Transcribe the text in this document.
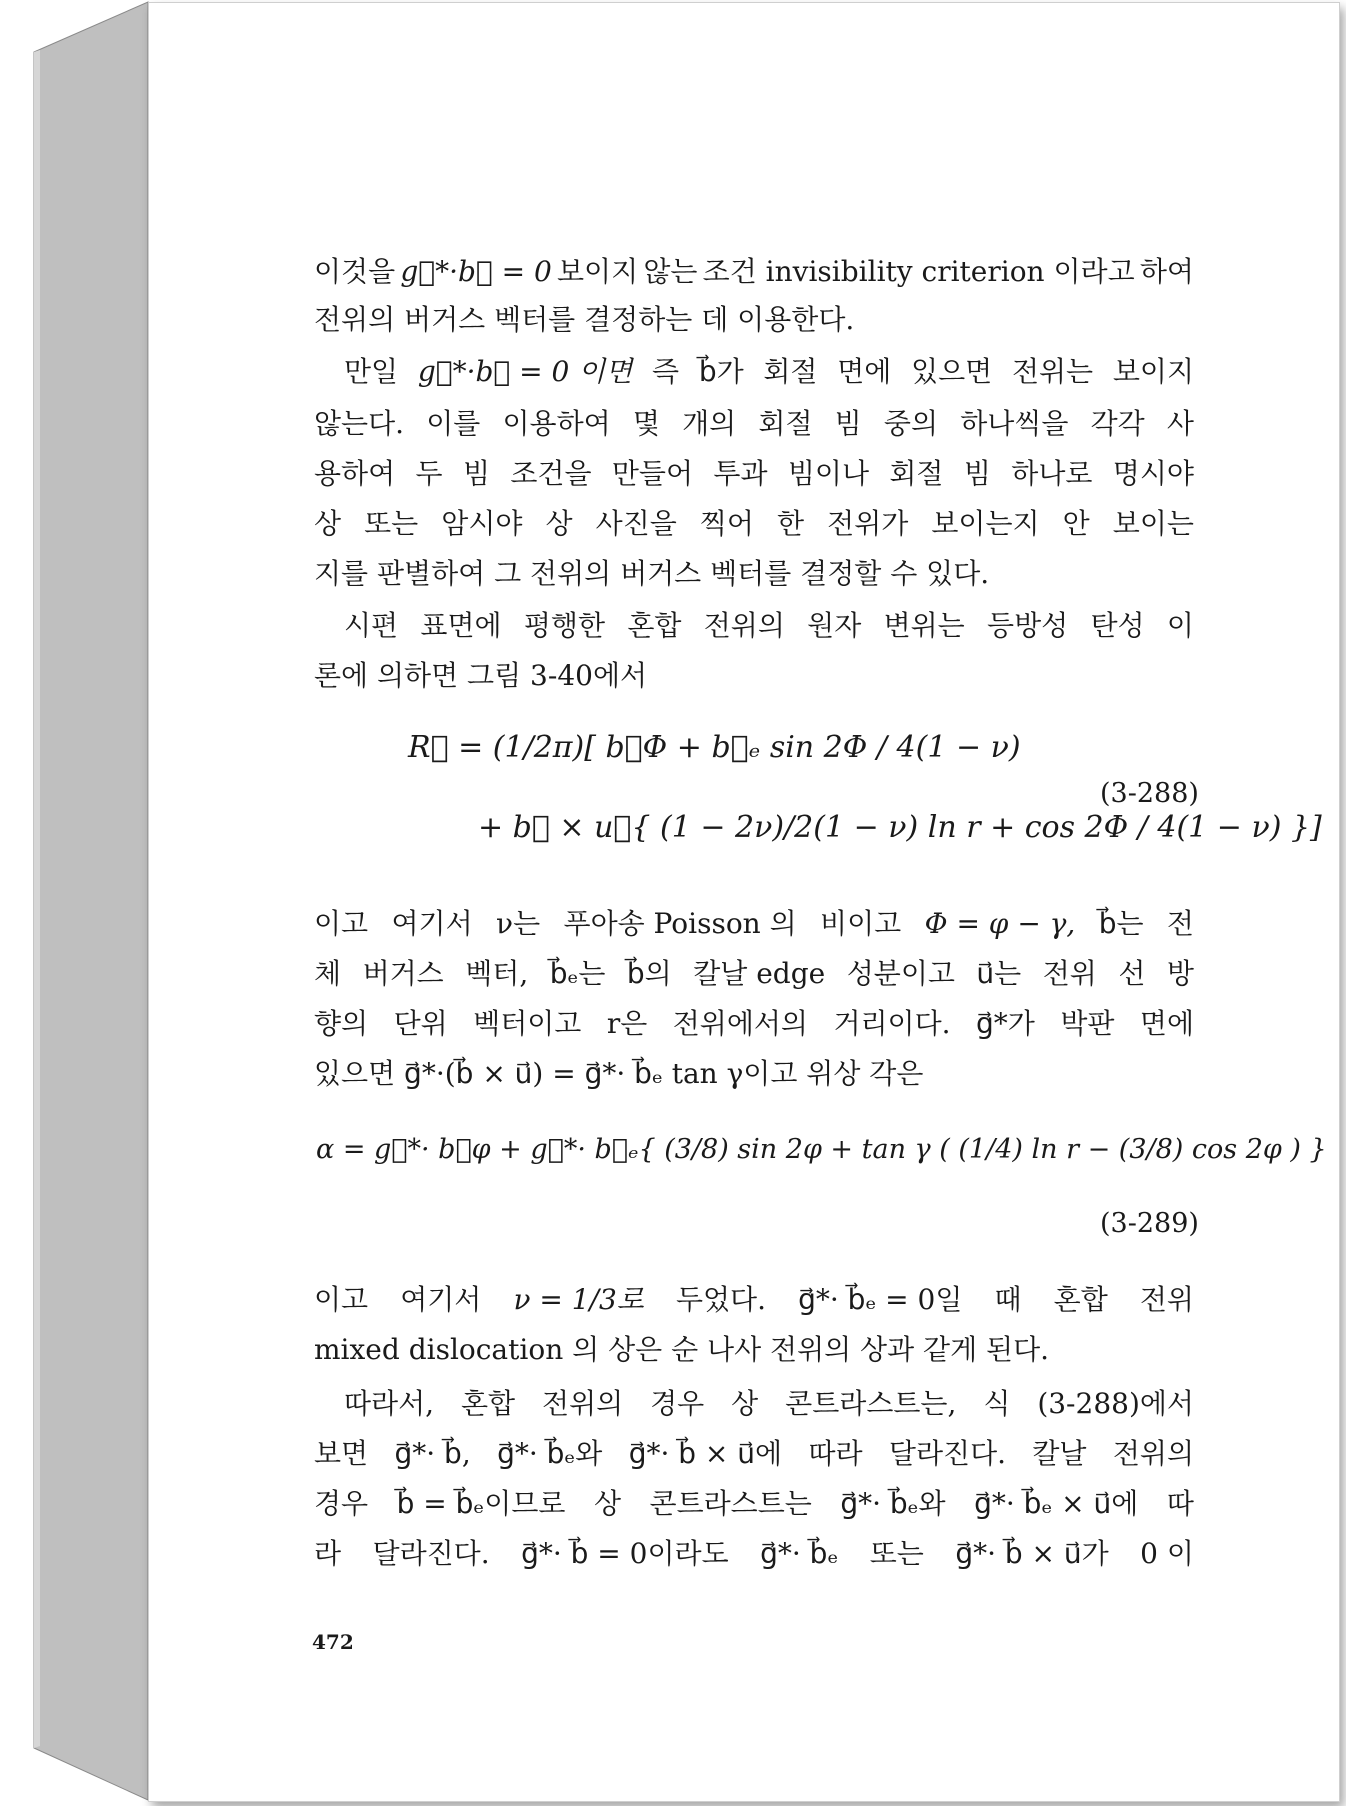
이것을 g⃗*·b⃗ = 0 보이지 않는 조건 invisibility criterion 이라고 하여
전위의 버거스 벡터를 결정하는 데 이용한다.
만일 g⃗*·b⃗ = 0 이면 즉 b⃗가 회절 면에 있으면 전위는 보이지
않는다. 이를 이용하여 몇 개의 회절 빔 중의 하나씩을 각각 사
용하여 두 빔 조건을 만들어 투과 빔이나 회절 빔 하나로 명시야
상 또는 암시야 상 사진을 찍어 한 전위가 보이는지 안 보이는
지를 판별하여 그 전위의 버거스 벡터를 결정할 수 있다.
시편 표면에 평행한 혼합 전위의 원자 변위는 등방성 탄성 이
론에 의하면 그림 3-40에서
R⃗ = (1/2π)[ b⃗Φ + b⃗ₑ sin 2Φ / 4(1 − ν)
+ b⃗ × u⃗{ (1 − 2ν)/2(1 − ν) ln r + cos 2Φ / 4(1 − ν) }]
(3-288)
이고 여기서 ν는 푸아송 Poisson 의 비이고 Φ = φ − γ, b⃗는 전
체 버거스 벡터, b⃗ₑ는 b⃗의 칼날 edge 성분이고 u⃗는 전위 선 방
향의 단위 벡터이고 r은 전위에서의 거리이다. g⃗*가 박판 면에
있으면 g⃗*·(b⃗ × u⃗) = g⃗*· b⃗ₑ tan γ이고 위상 각은
α = g⃗*· b⃗φ + g⃗*· b⃗ₑ{ (3/8) sin 2φ + tan γ ( (1/4) ln r − (3/8) cos 2φ ) }
(3-289)
이고 여기서 ν = 1/3로 두었다. g⃗*· b⃗ₑ = 0일 때 혼합 전위
mixed dislocation 의 상은 순 나사 전위의 상과 같게 된다.
따라서, 혼합 전위의 경우 상 콘트라스트는, 식 (3-288)에서
보면 g⃗*· b⃗, g⃗*· b⃗ₑ와 g⃗*· b⃗ × u⃗에 따라 달라진다. 칼날 전위의
경우 b⃗ = b⃗ₑ이므로 상 콘트라스트는 g⃗*· b⃗ₑ와 g⃗*· b⃗ₑ × u⃗에 따
라 달라진다. g⃗*· b⃗ = 0이라도 g⃗*· b⃗ₑ 또는 g⃗*· b⃗ × u⃗가 0 이
472
